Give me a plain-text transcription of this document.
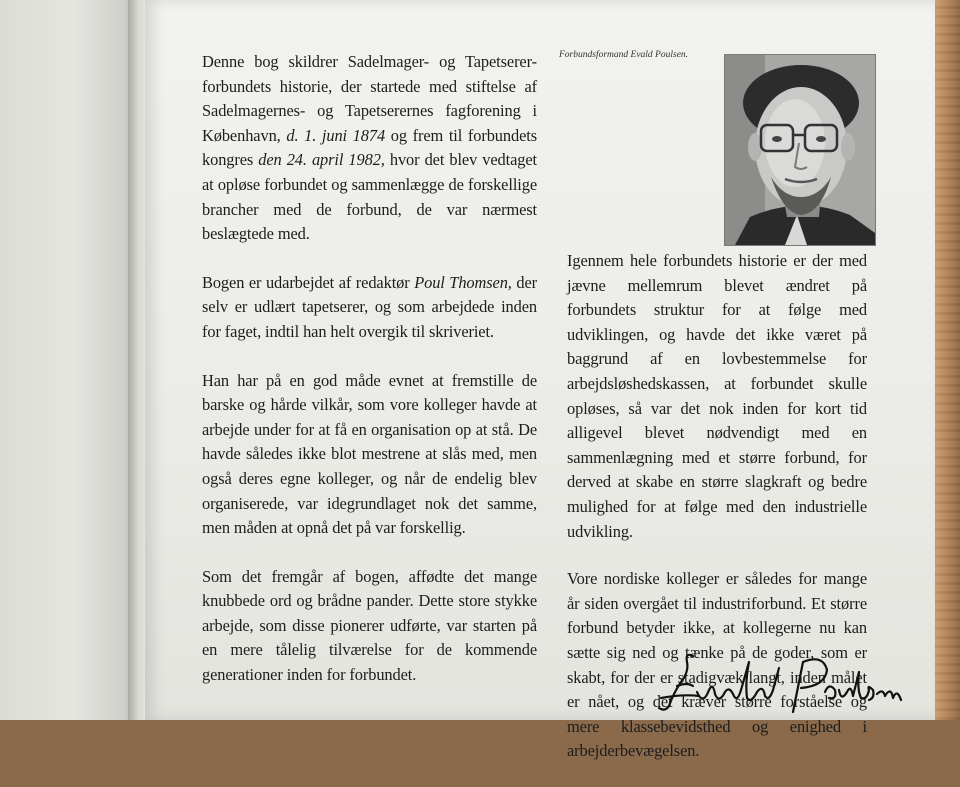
Denne bog skildrer Sadelmager- og Tapetserer-forbundets historie, der startede med stiftelse af Sadelmagernes- og Tapetserernes fagforening i København, d. 1. juni 1874 og frem til forbundets kongres den 24. april 1982, hvor det blev vedtaget at opløse forbundet og sammenlægge de forskellige brancher med de forbund, de var nærmest beslægtede med.

Bogen er udarbejdet af redaktør Poul Thomsen, der selv er udlært tapetserer, og som arbejdede inden for faget, indtil han helt overgik til skriveriet.

Han har på en god måde evnet at fremstille de barske og hårde vilkår, som vore kolleger havde at arbejde under for at få en organisation op at stå. De havde således ikke blot mestrene at slås med, men også deres egne kolleger, og når de endelig blev organiserede, var idegrundlaget nok det samme, men måden at opnå det på var forskellig.

Som det fremgår af bogen, affødte det mange knubbede ord og brådne pander. Dette store stykke arbejde, som disse pionerer udførte, var starten på en mere tålelig tilværelse for de kommende generationer inden for forbundet.

Forbundsformand Evald Poulsen.

Igennem hele forbundets historie er der med jævne mellemrum blevet ændret på forbundets struktur for at følge med udviklingen, og havde det ikke været på baggrund af en lovbestemmelse for arbejdsløshedskassen, at forbundet skulle opløses, så var det nok inden for kort tid alligevel blevet nødvendigt med en sammenlægning med et større forbund, for derved at skabe en større slagkraft og bedre mulighed for at følge med den industrielle udvikling.

Vore nordiske kolleger er således for mange år siden overgået til industriforbund. Et større forbund betyder ikke, at kollegerne nu kan sætte sig ned og tænke på de goder, som er skabt, for der er stadigvæk langt, inden målet er nået, og det kræver større forståelse og mere klassebevidsthed og enighed i arbejderbevægelsen.
